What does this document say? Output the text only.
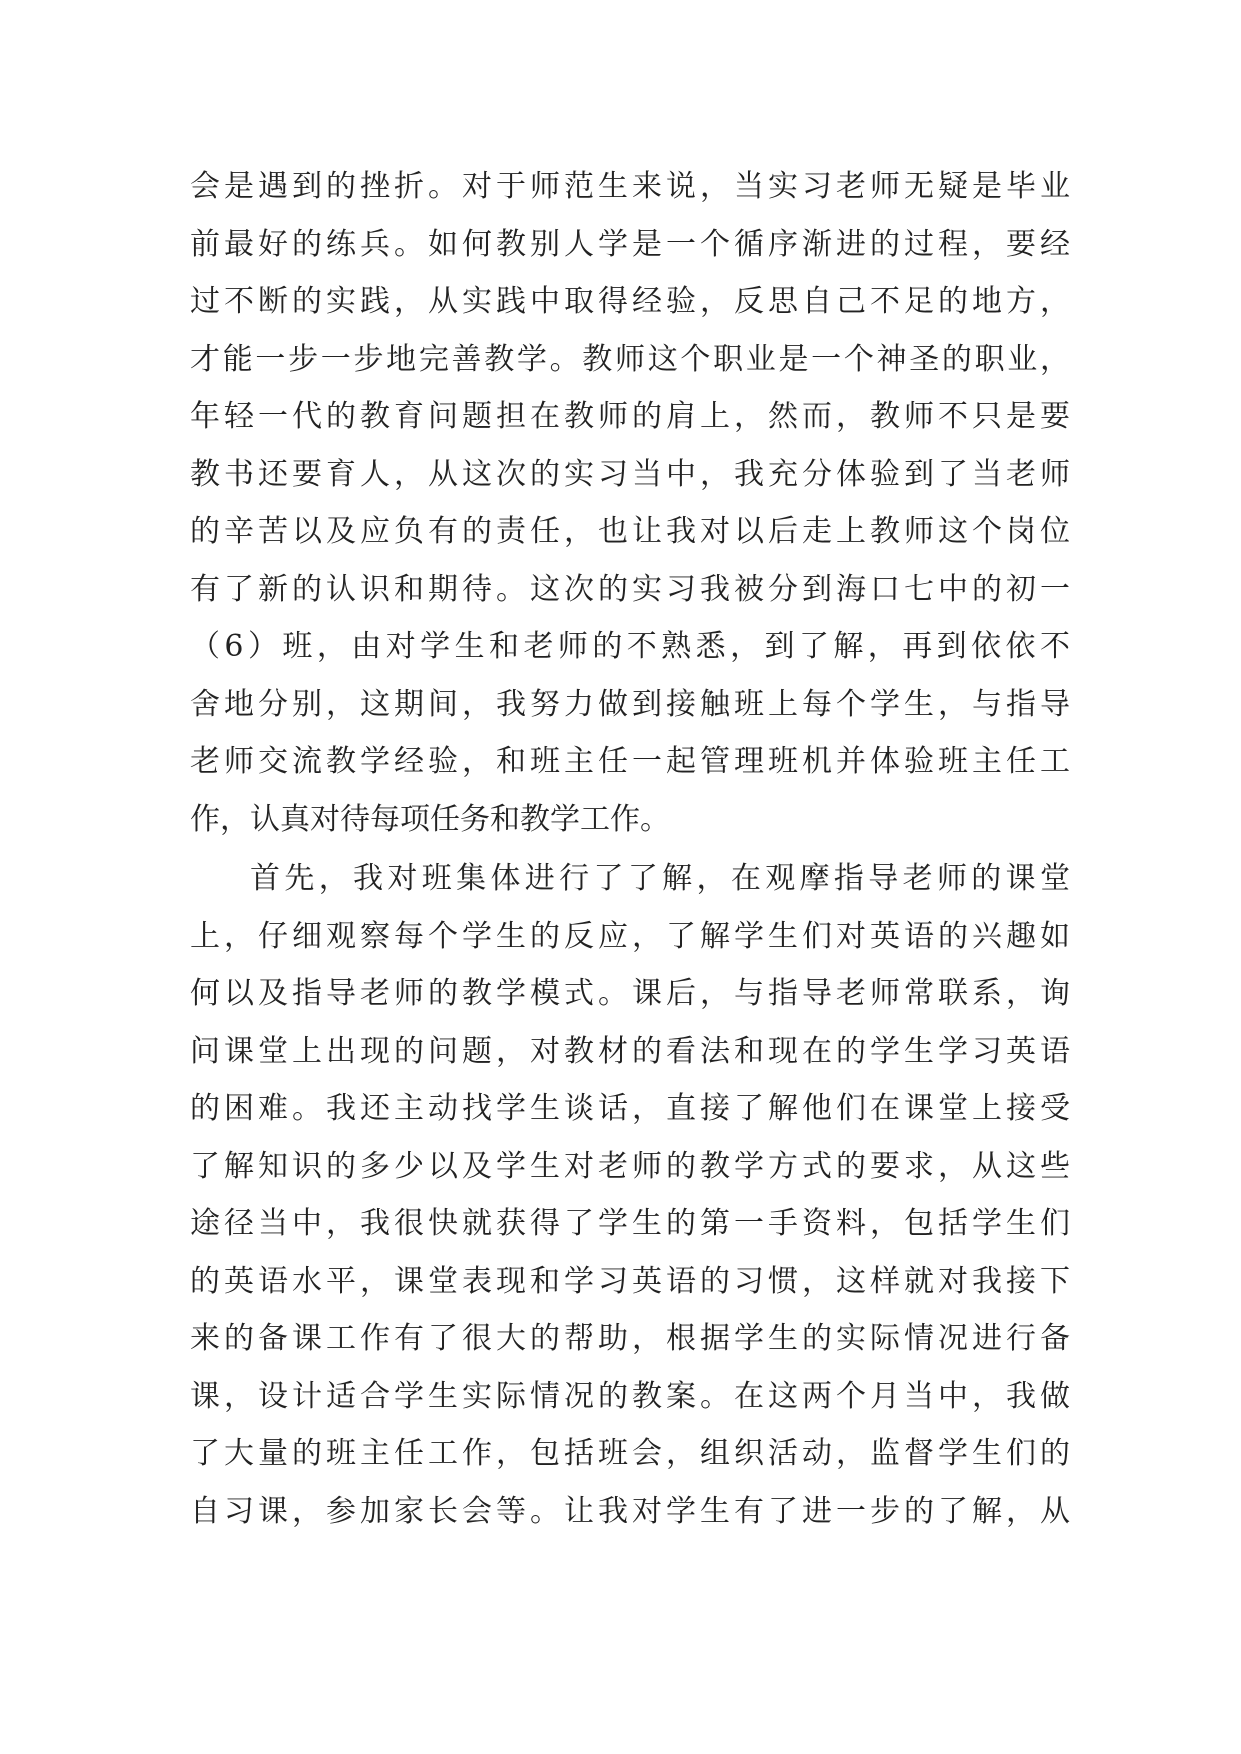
会是遇到的挫折。对于师范生来说，当实习老师无疑是毕业
前最好的练兵。如何教别人学是一个循序渐进的过程，要经
过不断的实践，从实践中取得经验，反思自己不足的地方，
才能一步一步地完善教学。教师这个职业是一个神圣的职业，
年轻一代的教育问题担在教师的肩上，然而，教师不只是要
教书还要育人，从这次的实习当中，我充分体验到了当老师
的辛苦以及应负有的责任，也让我对以后走上教师这个岗位
有了新的认识和期待。这次的实习我被分到海口七中的初一
（6）班，由对学生和老师的不熟悉，到了解，再到依依不
舍地分别，这期间，我努力做到接触班上每个学生，与指导
老师交流教学经验，和班主任一起管理班机并体验班主任工
作，认真对待每项任务和教学工作。
首先，我对班集体进行了了解，在观摩指导老师的课堂
上，仔细观察每个学生的反应，了解学生们对英语的兴趣如
何以及指导老师的教学模式。课后，与指导老师常联系，询
问课堂上出现的问题，对教材的看法和现在的学生学习英语
的困难。我还主动找学生谈话，直接了解他们在课堂上接受
了解知识的多少以及学生对老师的教学方式的要求，从这些
途径当中，我很快就获得了学生的第一手资料，包括学生们
的英语水平，课堂表现和学习英语的习惯，这样就对我接下
来的备课工作有了很大的帮助，根据学生的实际情况进行备
课，设计适合学生实际情况的教案。在这两个月当中，我做
了大量的班主任工作，包括班会，组织活动，监督学生们的
自习课，参加家长会等。让我对学生有了进一步的了解，从
